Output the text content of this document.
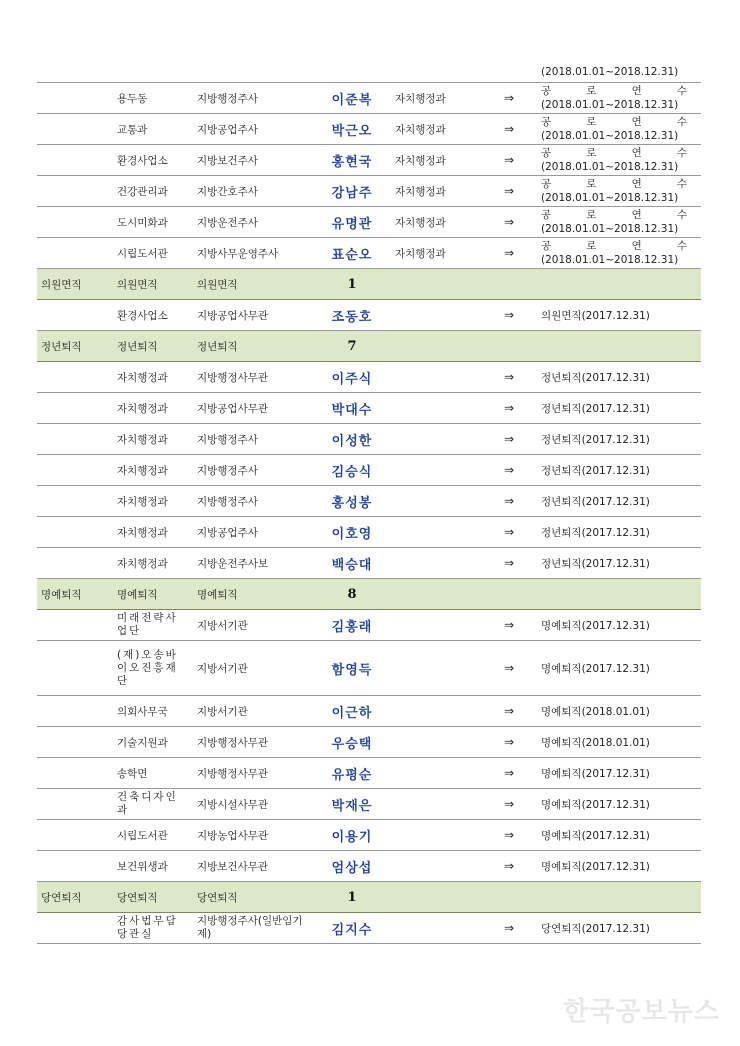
						(2018.01.01~2018.12.31)

	용두동	지방행정주사	이준복	자치행정과	⇒	공 로 연 수
(2018.01.01~2018.12.31)

	교통과	지방공업주사	박근오	자치행정과	⇒	공 로 연 수
(2018.01.01~2018.12.31)

	환경사업소	지방보건주사	홍현국	자치행정과	⇒	공 로 연 수
(2018.01.01~2018.12.31)

	건강관리과	지방간호주사	강남주	자치행정과	⇒	공 로 연 수
(2018.01.01~2018.12.31)

	도시미화과	지방운전주사	유명관	자치행정과	⇒	공 로 연 수
(2018.01.01~2018.12.31)

	시립도서관	지방사무운영주사	표순오	자치행정과	⇒	공 로 연 수
(2018.01.01~2018.12.31)

의원면직	의원면직	의원면직	1			
	환경사업소	지방공업사무관	조동호		⇒	의원면직(2017.12.31)
정년퇴직	정년퇴직	정년퇴직	7			
	자치행정과	지방행정사무관	이주식		⇒	정년퇴직(2017.12.31)
	자치행정과	지방공업사무관	박대수		⇒	정년퇴직(2017.12.31)
	자치행정과	지방행정주사	이성한		⇒	정년퇴직(2017.12.31)
	자치행정과	지방행정주사	김승식		⇒	정년퇴직(2017.12.31)
	자치행정과	지방행정주사	홍성봉		⇒	정년퇴직(2017.12.31)
	자치행정과	지방공업주사	이호영		⇒	정년퇴직(2017.12.31)
	자치행정과	지방운전주사보	백승대		⇒	정년퇴직(2017.12.31)
명예퇴직	명예퇴직	명예퇴직	8			
	미래전략사업단	지방서기관	김홍래		⇒	명예퇴직(2017.12.31)
	(재)오송바이오진흥재단	지방서기관	함영득		⇒	명예퇴직(2017.12.31)
	의회사무국	지방서기관	이근하		⇒	명예퇴직(2018.01.01)
	기술지원과	지방행정사무관	우승택		⇒	명예퇴직(2018.01.01)
	송학면	지방행정사무관	유평순		⇒	명예퇴직(2017.12.31)
	건축디자인과	지방시설사무관	박재은		⇒	명예퇴직(2017.12.31)
	시립도서관	지방농업사무관	이용기		⇒	명예퇴직(2017.12.31)
	보건위생과	지방보건사무관	엄상섭		⇒	명예퇴직(2017.12.31)
당연퇴직	당연퇴직	당연퇴직	1			
	감사법무담당관실	지방행정주사(일반임기제)	김지수		⇒	당연퇴직(2017.12.31)
한국공보뉴스
